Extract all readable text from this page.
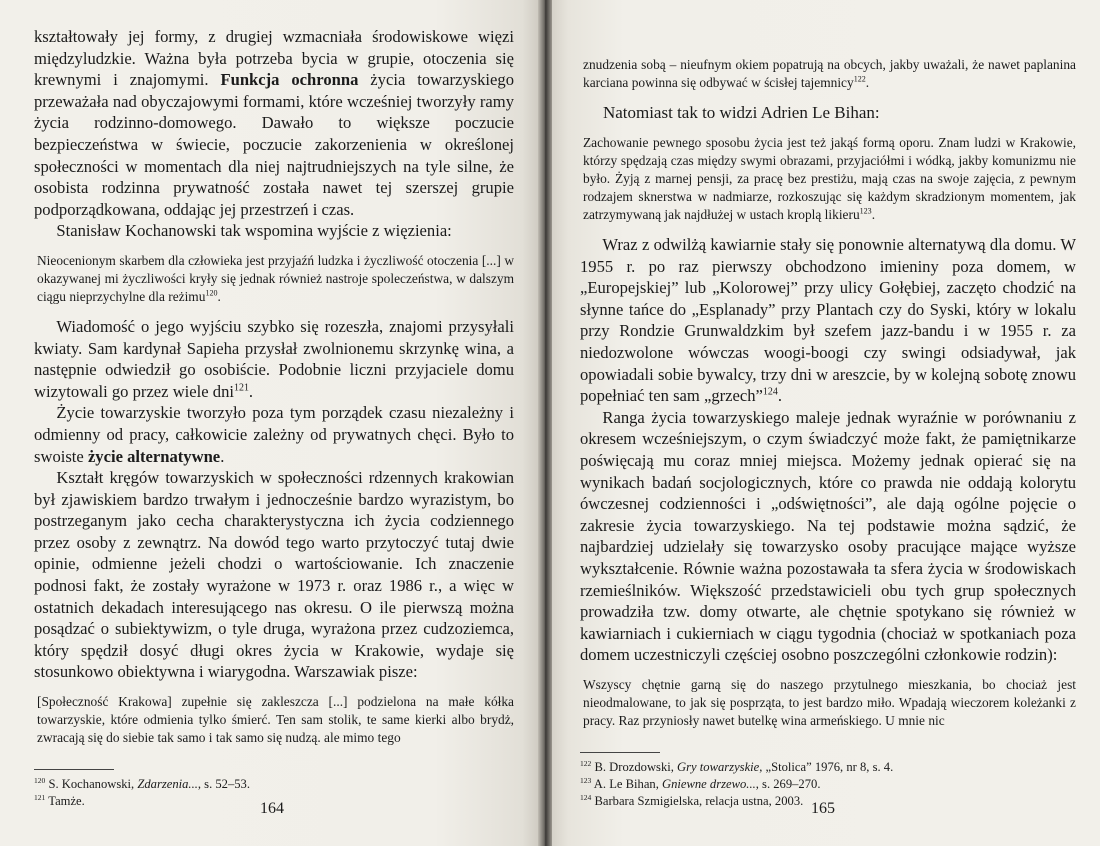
kształtowały jej formy, z drugiej wzmacniała środowiskowe więzi międzyludzkie. Ważna była potrzeba bycia w grupie, otoczenia się krewnymi i znajomymi. Funkcja ochronna życia towarzyskiego przeważała nad obyczajowymi formami, które wcześniej tworzyły ramy życia rodzinno-domowego. Dawało to większe poczucie bezpieczeństwa w świecie, poczucie zakorzenienia w określonej społeczności w momentach dla niej najtrudniejszych na tyle silne, że osobista rodzinna prywatność została nawet tej szerszej grupie podporządkowana, oddając jej przestrzeń i czas.

Stanisław Kochanowski tak wspomina wyjście z więzienia:

Nieocenionym skarbem dla człowieka jest przyjaźń ludzka i życzliwość otoczenia [...] w okazywanej mi życzliwości kryły się jednak również nastroje spoleczeństwa, w dalszym ciągu nieprzychylne dla reżimu$^{120}$.

Wiadomość o jego wyjściu szybko się rozeszła, znajomi przysyłali kwiaty. Sam kardynał Sapieha przysłał zwolnionemu skrzynkę wina, a następnie odwiedził go osobiście. Podobnie liczni przyjaciele domu wizytowali go przez wiele dni$^{121}$.

Życie towarzyskie tworzyło poza tym porządek czasu niezależny i odmienny od pracy, całkowicie zależny od prywatnych chęci. Było to swoiste życie alternatywne.

Kształt kręgów towarzyskich w społeczności rdzennych krakowian był zjawiskiem bardzo trwałym i jednocześnie bardzo wyrazistym, bo postrzeganym jako cecha charakterystyczna ich życia codziennego przez osoby z zewnątrz. Na dowód tego warto przytoczyć tutaj dwie opinie, odmienne jeżeli chodzi o wartościowanie. Ich znaczenie podnosi fakt, że zostały wyrażone w 1973 r. oraz 1986 r., a więc w ostatnich dekadach interesującego nas okresu. O ile pierwszą można posądzać o subiektywizm, o tyle druga, wyrażona przez cudzoziemca, który spędził dosyć długi okres życia w Krakowie, wydaje się stosunkowo obiektywna i wiarygodna. Warszawiak pisze:

[Społeczność Krakowa] zupełnie się zakleszcza [...] podzielona na małe kółka towarzyskie, które odmienia tylko śmierć. Ten sam stolik, te same kierki albo brydż, zwracają się do siebie tak samo i tak samo się nudzą. ale mimo tego

$^{120}$ S. Kochanowski, Zdarzenia..., s. 52–53.

$^{121}$ Tamże.	164

znudzenia sobą – nieufnym okiem popatrują na obcych, jakby uważali, że nawet paplanina karciana powinna się odbywać w ścisłej tajemnicy$^{122}$.

Natomiast tak to widzi Adrien Le Bihan:

Zachowanie pewnego sposobu życia jest też jakąś formą oporu. Znam ludzi w Krakowie, którzy spędzają czas między swymi obrazami, przyjaciółmi i wódką, jakby komunizmu nie było. Żyją z marnej pensji, za pracę bez prestiżu, mają czas na swoje zajęcia, z pewnym rodzajem sknerstwa w nadmiarze, rozkoszując się każdym skradzionym momentem, jak zatrzymywaną jak najdłużej w ustach kroplą likieru$^{123}$.

Wraz z odwilżą kawiarnie stały się ponownie alternatywą dla domu. W 1955 r. po raz pierwszy obchodzono imieniny poza domem, w „Europejskiej” lub „Kolorowej” przy ulicy Gołębiej, zaczęto chodzić na słynne tańce do „Esplanady” przy Plantach czy do Syski, który w lokalu przy Rondzie Grunwaldzkim był szefem jazz-bandu i w 1955 r. za niedozwolone wówczas woogi-boogi czy swingi odsiadywał, jak opowiadali sobie bywalcy, trzy dni w areszcie, by w kolejną sobotę znowu popełniać ten sam „grzech”$^{124}$.

Ranga życia towarzyskiego maleje jednak wyraźnie w porównaniu z okresem wcześniejszym, o czym świadczyć może fakt, że pamiętnikarze poświęcają mu coraz mniej miejsca. Możemy jednak opierać się na wynikach badań socjologicznych, które co prawda nie oddają kolorytu ówczesnej codzienności i „odświętności”, ale dają ogólne pojęcie o zakresie życia towarzyskiego. Na tej podstawie można sądzić, że najbardziej udzielały się towarzysko osoby pracujące mające wyższe wykształcenie. Równie ważna pozostawała ta sfera życia w środowiskach rzemieślników. Większość przedstawicieli obu tych grup społecznych prowadziła tzw. domy otwarte, ale chętnie spotykano się również w kawiarniach i cukierniach w ciągu tygodnia (chociaż w spotkaniach poza domem uczestniczyli częściej osobno poszczególni członkowie rodzin):

Wszyscy chętnie garną się do naszego przytulnego mieszkania, bo chociaż jest nieodmalowane, to jak się posprząta, to jest bardzo miło. Wpadają wieczorem koleżanki z pracy. Raz przyniosły nawet butelkę wina armeńskiego. U mnie nic

$^{122}$ B. Drozdowski, Gry towarzyskie, „Stolica” 1976, nr 8, s. 4.

$^{123}$ A. Le Bihan, Gniewne drzewo..., s. 269–270.

$^{124}$ Barbara Szmigielska, relacja ustna, 2003. 165
